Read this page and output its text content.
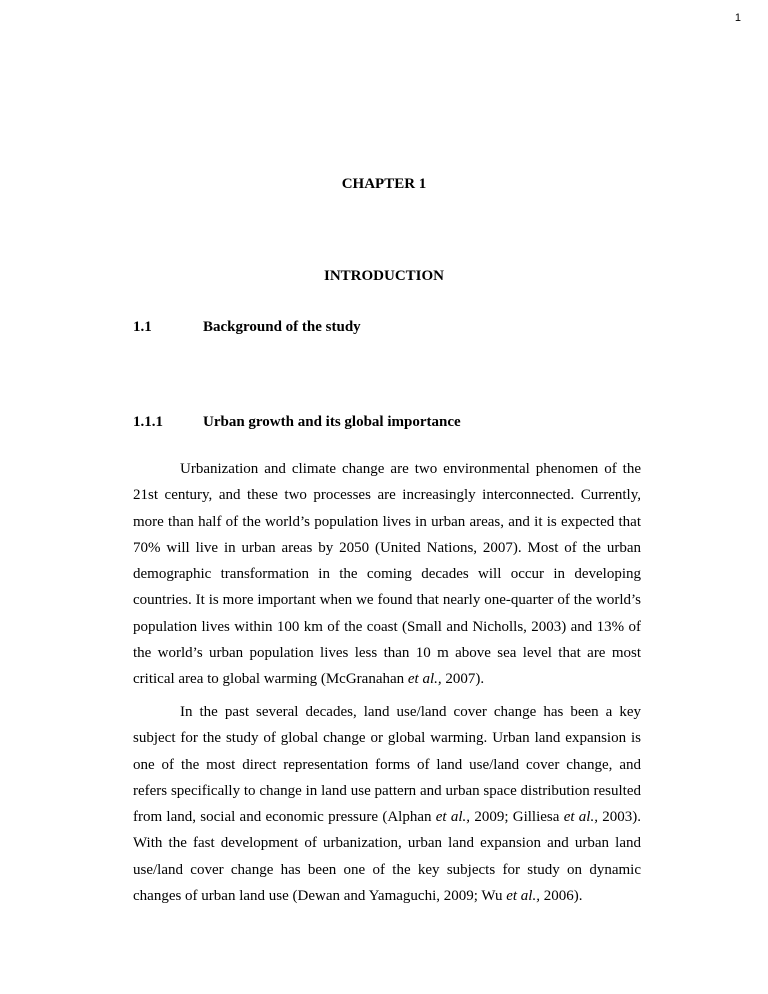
1
CHAPTER 1
INTRODUCTION
1.1	Background of the study
1.1.1	Urban growth and its global importance

Urbanization and climate change are two environmental phenomen of the 21st century, and these two processes are increasingly interconnected. Currently, more than half of the world’s population lives in urban areas, and it is expected that 70% will live in urban areas by 2050 (United Nations, 2007). Most of the urban demographic transformation in the coming decades will occur in developing countries. It is more important when we found that nearly one-quarter of the world’s population lives within 100 km of the coast (Small and Nicholls, 2003) and 13% of the world’s urban population lives less than 10 m above sea level that are most critical area to global warming (McGranahan et al., 2007).

In the past several decades, land use/land cover change has been a key subject for the study of global change or global warming. Urban land expansion is one of the most direct representation forms of land use/land cover change, and refers specifically to change in land use pattern and urban space distribution resulted from land, social and economic pressure (Alphan et al., 2009; Gilliesa et al., 2003). With the fast development of urbanization, urban land expansion and urban land use/land cover change has been one of the key subjects for study on dynamic changes of urban land use (Dewan and Yamaguchi, 2009; Wu et al., 2006).
